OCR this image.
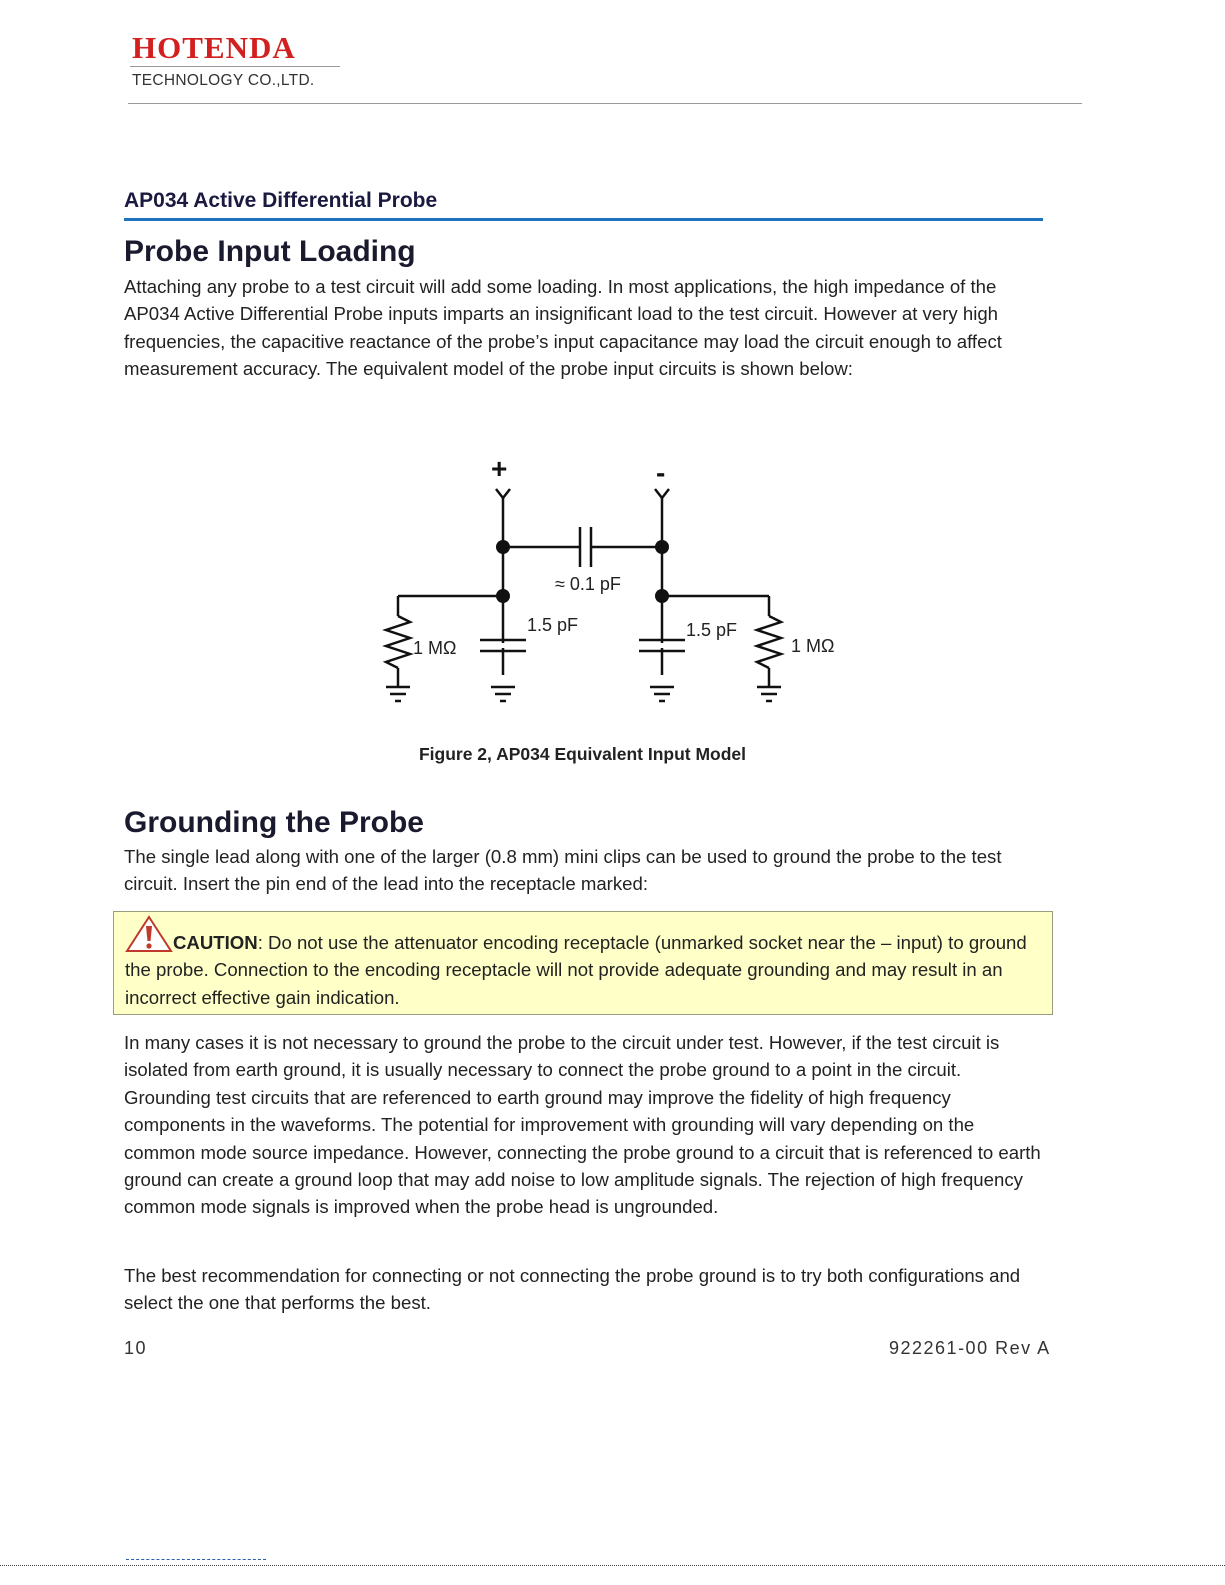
HOTENDA
TECHNOLOGY CO.,LTD.
AP034 Active Differential Probe
Probe Input Loading

Attaching any probe to a test circuit will add some loading. In most applications, the high impedance of the AP034 Active Differential Probe inputs imparts an insignificant load to the test circuit. However at very high frequencies, the capacitive reactance of the probe’s input capacitance may load the circuit enough to affect measurement accuracy. The equivalent model of the probe input circuits is shown below:

+	-
≈ 0.1 pF
1.5 pF	1.5 pF
1 MΩ	1 MΩ
Figure 2, AP034 Equivalent Input Model
Grounding the Probe

The single lead along with one of the larger (0.8 mm) mini clips can be used to ground the probe to the test circuit. Insert the pin end of the lead into the receptacle marked:

CAUTION: Do not use the attenuator encoding receptacle (unmarked socket near the – input) to ground the probe. Connection to the encoding receptacle will not provide adequate grounding and may result in an incorrect effective gain indication.

In many cases it is not necessary to ground the probe to the circuit under test. However, if the test circuit is isolated from earth ground, it is usually necessary to connect the probe ground to a point in the circuit. Grounding test circuits that are referenced to earth ground may improve the fidelity of high frequency components in the waveforms. The potential for improvement with grounding will vary depending on the common mode source impedance. However, connecting the probe ground to a circuit that is referenced to earth ground can create a ground loop that may add noise to low amplitude signals. The rejection of high frequency common mode signals is improved when the probe head is ungrounded.

The best recommendation for connecting or not connecting the probe ground is to try both configurations and select the one that performs the best.

10	922261-00 Rev A
